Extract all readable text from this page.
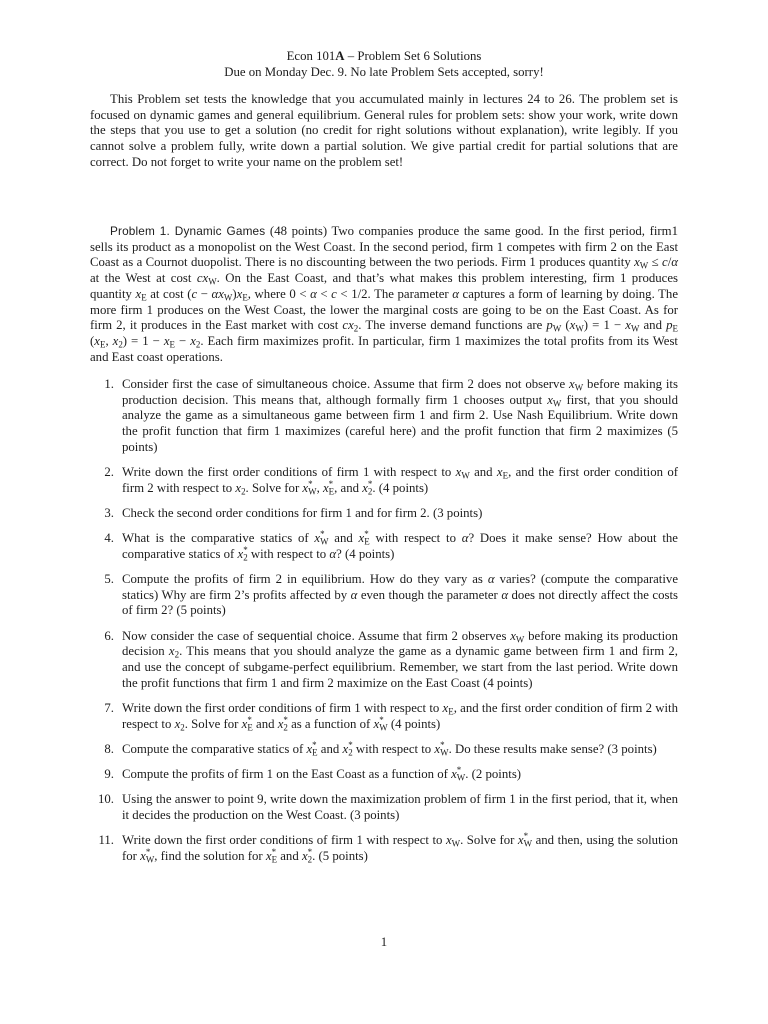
Econ 101A – Problem Set 6 Solutions
Due on Monday Dec. 9. No late Problem Sets accepted, sorry!

This Problem set tests the knowledge that you accumulated mainly in lectures 24 to 26. The problem set is focused on dynamic games and general equilibrium. General rules for problem sets: show your work, write down the steps that you use to get a solution (no credit for right solutions without explanation), write legibly. If you cannot solve a problem fully, write down a partial solution. We give partial credit for partial solutions that are correct. Do not forget to write your name on the problem set!

Problem 1. Dynamic Games (48 points) Two companies produce the same good. In the first period, firm1 sells its product as a monopolist on the West Coast. In the second period, firm 1 competes with firm 2 on the East Coast as a Cournot duopolist. There is no discounting between the two periods. Firm 1 produces quantity $x_W \le c/\alpha$ at the West at cost $cx_W$. On the East Coast, and that’s what makes this problem interesting, firm 1 produces quantity $x_E$ at cost $(c - \alpha x_W)x_E$, where 0 < α < c < 1/2. The parameter α captures a form of learning by doing. The more firm 1 produces on the West Coast, the lower the marginal costs are going to be on the East Coast. As for firm 2, it produces in the East market with cost $cx_2$. The inverse demand functions are $p_W$ $(x_W) = 1 - x_W$ and $p_E$ ($x_E$, $x_2) = 1 - x_E - x_2$. Each firm maximizes profit. In particular, firm 1 maximizes the total profits from its West and East coast operations.

1. Consider first the case of simultaneous choice. Assume that firm 2 does not observe $x_W$ before making its production decision. This means that, although formally firm 1 chooses output $x_W$ first, that you should analyze the game as a simultaneous game between firm 1 and firm 2. Use Nash Equilibrium. Write down the profit function that firm 1 maximizes (careful here) and the profit function that firm 2 maximizes (5 points)
2. Write down the first order conditions of firm 1 with respect to $x_W$ and $x_E$, and the first order condition of firm 2 with respect to $x_2$. Solve for $x_W$
* , $x_E$
* , and $x_2$
* . (4 points)
3. Check the second order conditions for firm 1 and for firm 2. (3 points)
4. What is the comparative statics of $x_W$
* and $x_E$
* with respect to α? Does it make sense? How about the comparative statics of $x_2$
* with respect to α? (4 points)
5. Compute the profits of firm 2 in equilibrium. How do they vary as α varies? (compute the comparative statics) Why are firm 2’s profits affected by α even though the parameter α does not directly affect the costs of firm 2? (5 points)
6. Now consider the case of sequential choice. Assume that firm 2 observes $x_W$ before making its production decision $x_2$. This means that you should analyze the game as a dynamic game between firm 1 and firm 2, and use the concept of subgame-perfect equilibrium. Remember, we start from the last period. Write down the profit functions that firm 1 and firm 2 maximize on the East Coast (4 points)
7. Write down the first order conditions of firm 1 with respect to $x_E$, and the first order condition of firm 2 with respect to $x_2$. Solve for $x_E$
* and $x_2$
* as a function of $x_W$
* (4 points)
8. Compute the comparative statics of $x_E$
* and $x_2$
* with respect to $x_W$
* . Do these results make sense? (3 points)
9. Compute the profits of firm 1 on the East Coast as a function of $x_W$
* . (2 points)
10. Using the answer to point 9, write down the maximization problem of firm 1 in the first period, that it, when it decides the production on the West Coast. (3 points)
11. Write down the first order conditions of firm 1 with respect to $x_W$. Solve for $x_W$
* and then, using the solution for $x_W$
* , find the solution for $x_E$
* and $x_2$
* . (5 points)
1
